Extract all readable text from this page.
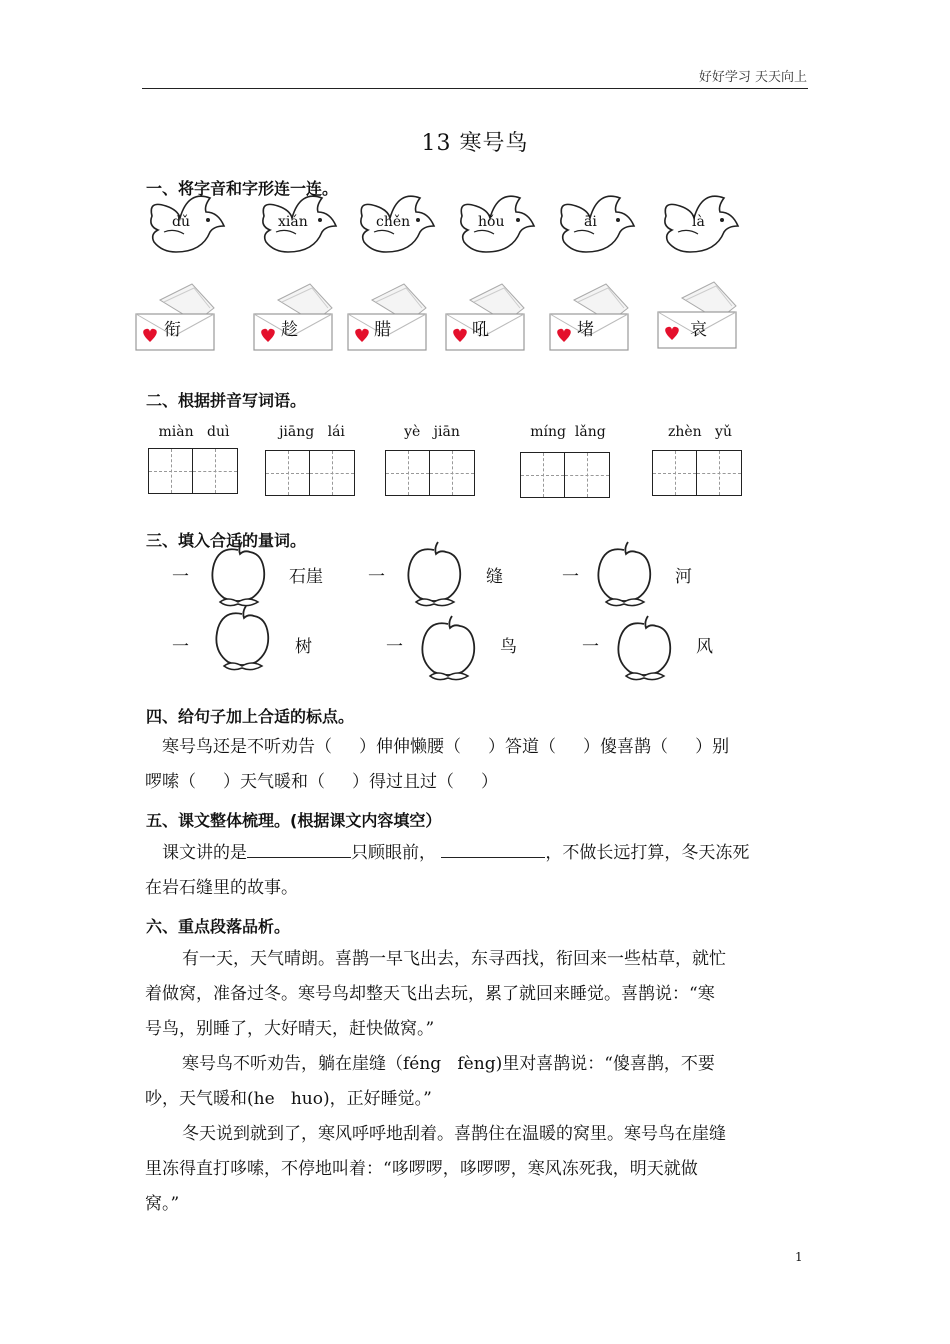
好好学习 天天向上
13 寒号鸟
一、将字音和字形连一连。
dǔ	xián	chěn	hǒu	āi	là
衔	趁	腊	吼	堵	哀
二、根据拼音写词语。
miàn   duì	jiāng   lái	yè   jiān	míng  lǎng	zhèn   yǔ
三、填入合适的量词。
一	石崖	一	缝	一	河
一	树	一	鸟	一	风
四、给句子加上合适的标点。
寒号鸟还是不听劝告（     ）伸伸懒腰（     ）答道（     ）傻喜鹊（     ）别
啰嗦（     ）天气暖和（     ）得过且过（     ）
五、课文整体梳理。(根据课文内容填空）
课文讲的是	只顾眼前，	，不做长远打算，冬天冻死
在岩石缝里的故事。
六、重点段落品析。
有一天，天气晴朗。喜鹊一早飞出去，东寻西找，衔回来一些枯草，就忙
着做窝，准备过冬。寒号鸟却整天飞出去玩，累了就回来睡觉。喜鹊说：“寒
号鸟，别睡了，大好晴天，赶快做窝。”
寒号鸟不听劝告，躺在崖缝（féng   fèng)里对喜鹊说：“傻喜鹊，不要
吵，天气暖和(he   huo)，正好睡觉。”
冬天说到就到了，寒风呼呼地刮着。喜鹊住在温暖的窝里。寒号鸟在崖缝
里冻得直打哆嗦，不停地叫着：“哆啰啰，哆啰啰，寒风冻死我，明天就做
窝。”
1
